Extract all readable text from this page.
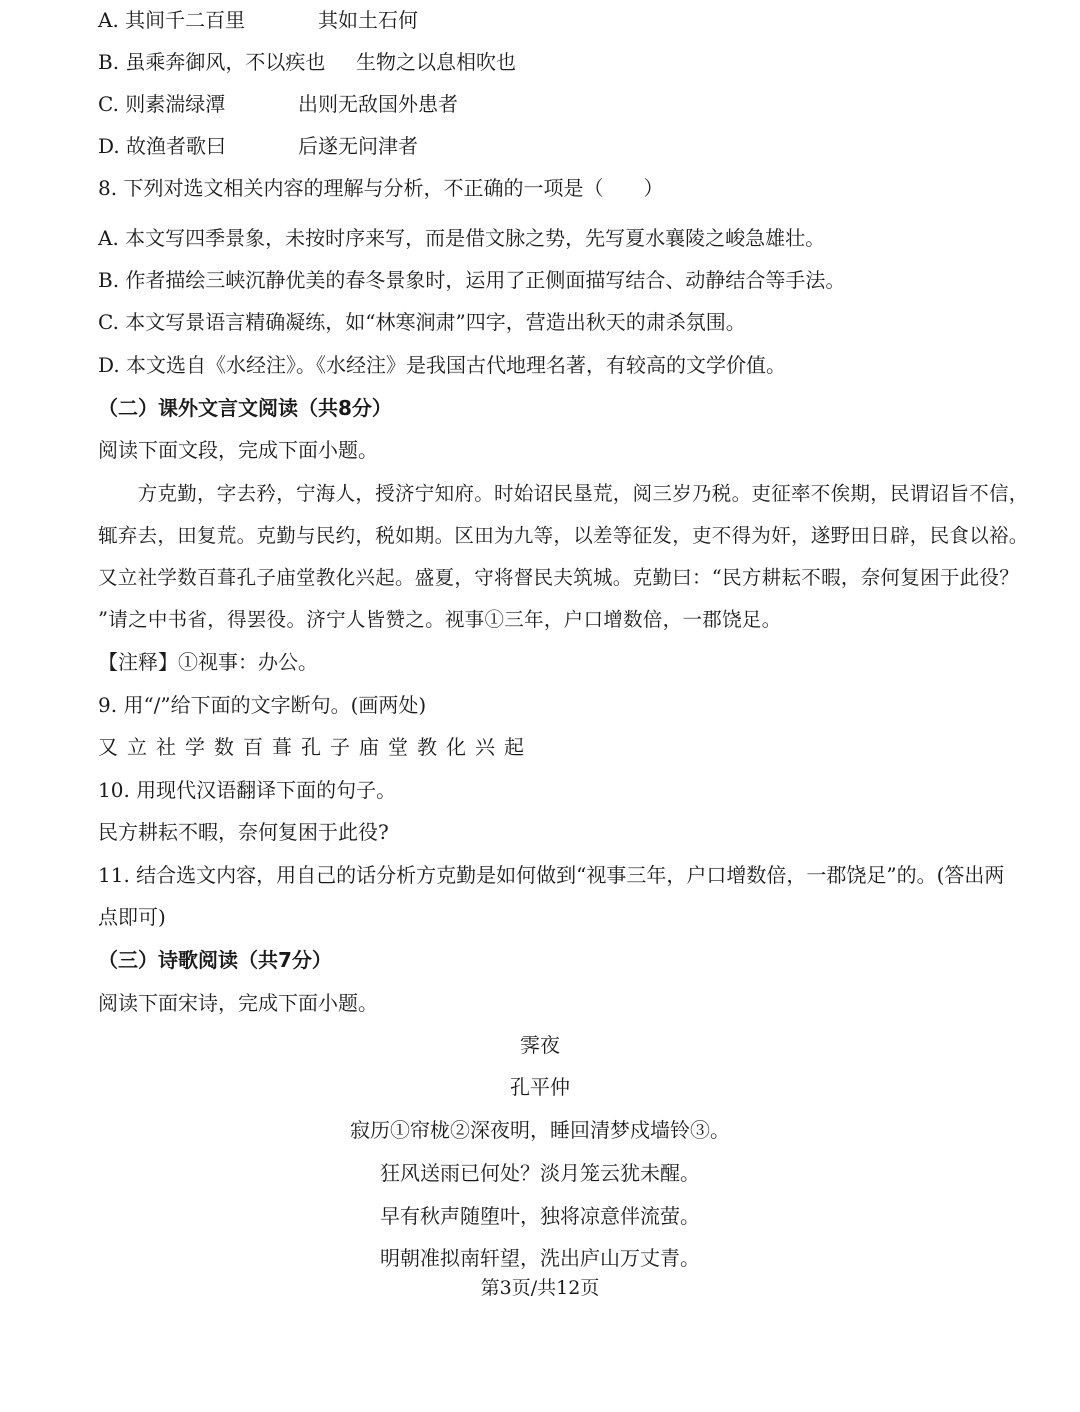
A. 其间千二百里	其如土石何
B. 虽乘奔御风，不以疾也 生物之以息相吹也
C. 则素湍绿潭	出则无敌国外患者
D. 故渔者歌曰	后遂无问津者
8. 下列对选文相关内容的理解与分析，不正确的一项是（　　）
A. 本文写四季景象，未按时序来写，而是借文脉之势，先写夏水襄陵之峻急雄壮。
B. 作者描绘三峡沉静优美的春冬景象时，运用了正侧面描写结合、动静结合等手法。
C. 本文写景语言精确凝练，如“林寒涧肃”四字，营造出秋天的肃杀氛围。
D. 本文选自《水经注》。《水经注》是我国古代地理名著，有较高的文学价值。
（二）课外文言文阅读（共8分）
阅读下面文段，完成下面小题。
　　方克勤，字去矜，宁海人，授济宁知府。时始诏民垦荒，阅三岁乃税。吏征率不俟期，民谓诏旨不信，
辄弃去，田复荒。克勤与民约，税如期。区田为九等，以差等征发，吏不得为奸，遂野田日辟，民食以裕。
又立社学数百葺孔子庙堂教化兴起。盛夏，守将督民夫筑城。克勤曰：“民方耕耘不暇，奈何复困于此役？
”请之中书省，得罢役。济宁人皆赞之。视事①三年，户口增数倍，一郡饶足。
【注释】①视事：办公。
9. 用“/”给下面的文字断句。(画两处)
又立社学数百葺孔子庙堂教化兴起
10. 用现代汉语翻译下面的句子。
民方耕耘不暇，奈何复困于此役?
11. 结合选文内容，用自己的话分析方克勤是如何做到“视事三年，户口增数倍，一郡饶足”的。(答出两
点即可)
（三）诗歌阅读（共7分）
阅读下面宋诗，完成下面小题。
霁夜
孔平仲
寂历①帘栊②深夜明，睡回清梦戍墙铃③。
狂风送雨已何处？淡月笼云犹未醒。
早有秋声随堕叶，独将凉意伴流萤。
明朝准拟南轩望，洗出庐山万丈青。
第3页/共12页
